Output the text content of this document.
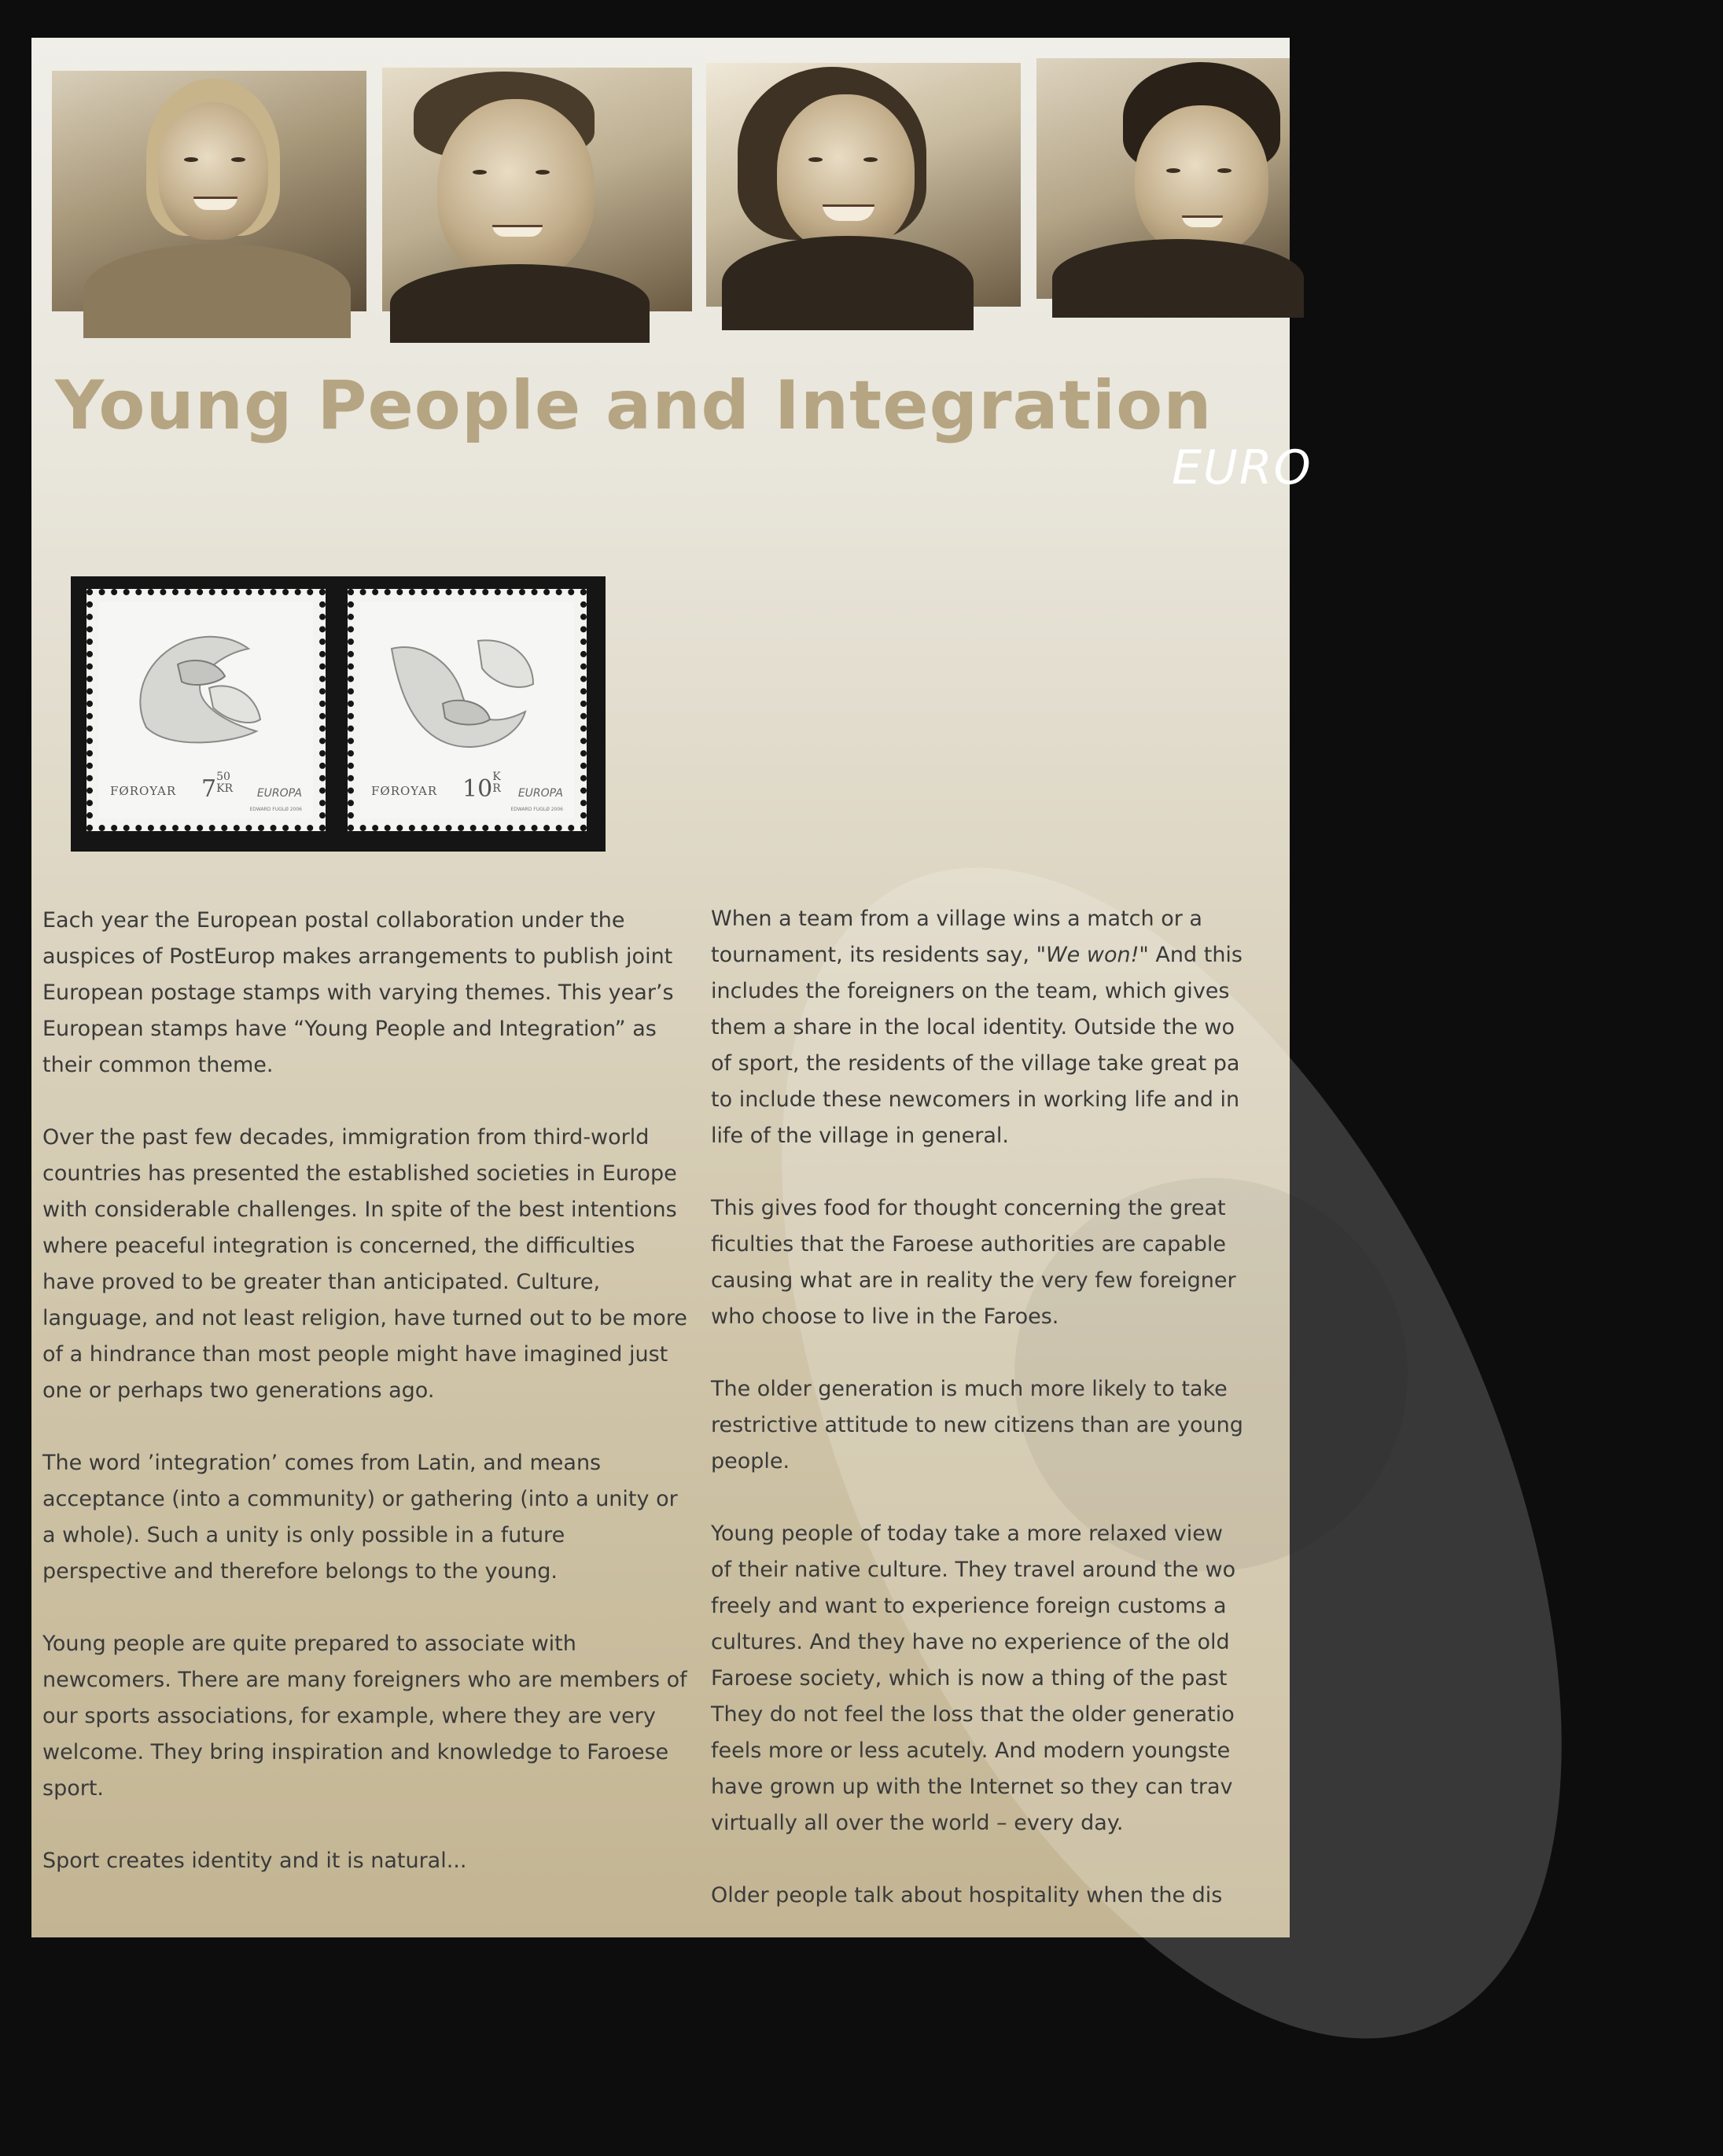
Young People and Integration
EURO
FØROYAR 750 KR	EUROPA
EDWARD FUGLØ 2006
FØROYAR 10K R EUROPA
EDWARD FUGLØ 2006

Each year the European postal collaboration under the auspices of PostEurop makes arrangements to publish joint European postage stamps with varying themes. This year’s European stamps have “Young People and Integration” as their common theme.

Over the past few decades, immigration from third-world countries has presented the established societies in Europe with considerable challenges. In spite of the best intentions where peaceful integration is concerned, the difficulties have proved to be greater than anticipated. Culture, language, and not least religion, have turned out to be more of a hindrance than most people might have imagined just one or perhaps two generations ago.

The word ’integration’ comes from Latin, and means acceptance (into a community) or gathering (into a unity or a whole). Such a unity is only possible in a future perspective and therefore belongs to the young.

Young people are quite prepared to associate with newcomers. There are many foreigners who are members of our sports associations, for example, where they are very welcome. They bring inspiration and knowledge to Faroese sport.

Sport creates identity and it is natural...

When a team from a village wins a match or a
tournament, its residents say, "We won!" And this
includes the foreigners on the team, which gives
them a share in the local identity. Outside the wo
of sport, the residents of the village take great pa
to include these newcomers in working life and in
life of the village in general.
This gives food for thought concerning the great
ficulties that the Faroese authorities are capable
causing what are in reality the very few foreigner
who choose to live in the Faroes.
The older generation is much more likely to take
restrictive attitude to new citizens than are young
people.
Young people of today take a more relaxed view
of their native culture. They travel around the wo
freely and want to experience foreign customs a
cultures. And they have no experience of the old
Faroese society, which is now a thing of the past
They do not feel the loss that the older generatio
feels more or less acutely. And modern youngste
have grown up with the Internet so they can trav
virtually all over the world – every day.
Older people talk about hospitality when the dis
